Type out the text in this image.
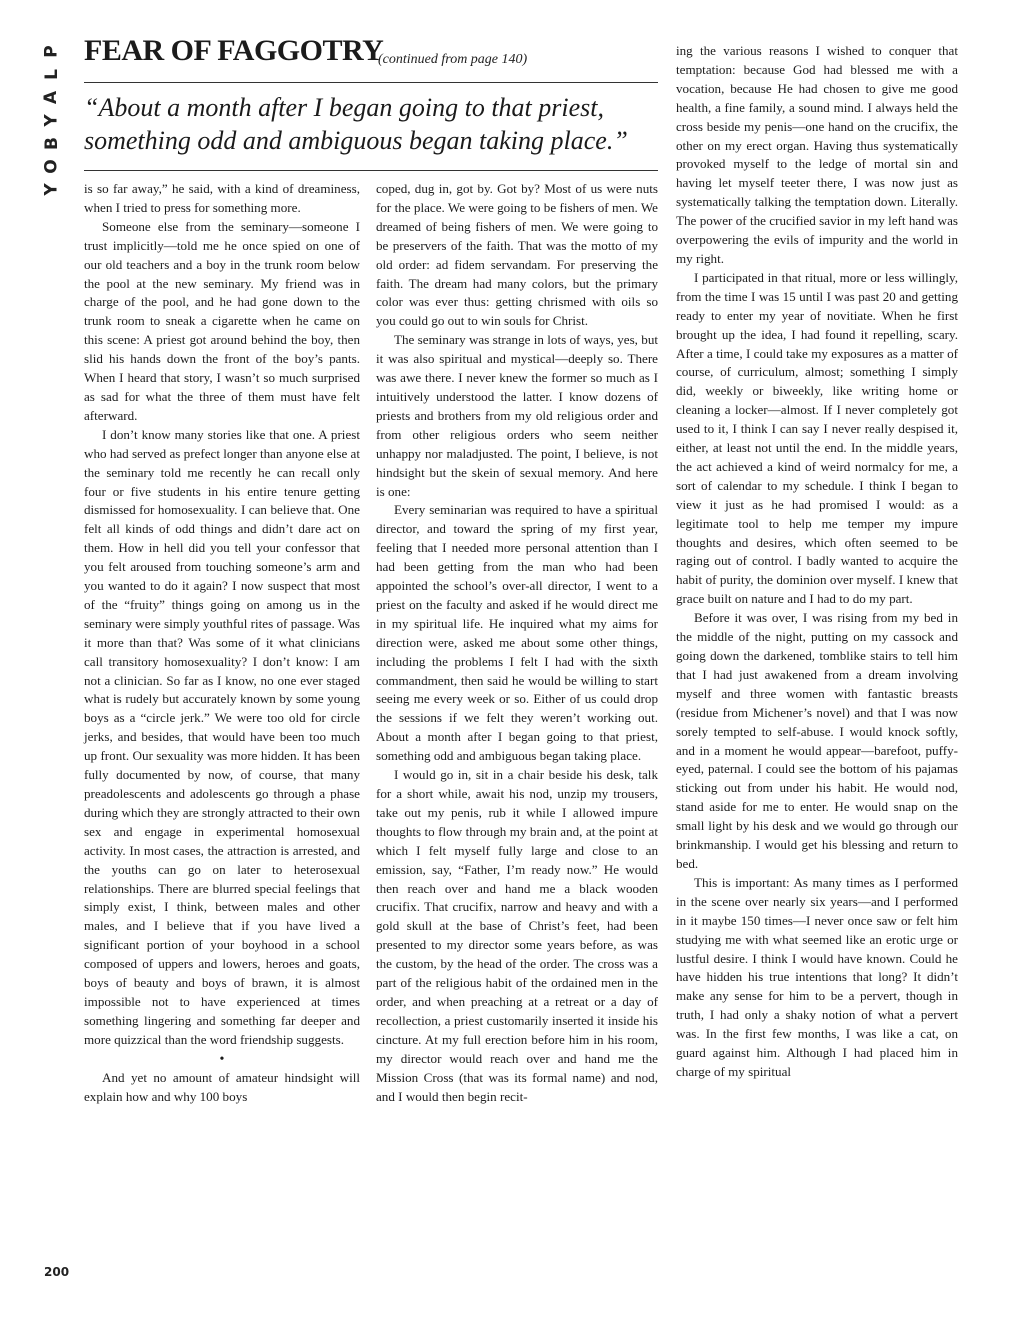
P
L
A
Y
B
O
Y
FEAR OF FAGGOTRY
(continued from page 140)
“About a month after I began going to that priest, something odd and ambiguous began taking place.”

is so far away,” he said, with a kind of dreaminess, when I tried to press for something more.

Someone else from the seminary—someone I trust implicitly—told me he once spied on one of our old teachers and a boy in the trunk room below the pool at the new seminary. My friend was in charge of the pool, and he had gone down to the trunk room to sneak a cigarette when he came on this scene: A priest got around behind the boy, then slid his hands down the front of the boy’s pants. When I heard that story, I wasn’t so much surprised as sad for what the three of them must have felt afterward.

I don’t know many stories like that one. A priest who had served as prefect longer than anyone else at the seminary told me recently he can recall only four or five students in his entire tenure getting dismissed for homosexuality. I can believe that. One felt all kinds of odd things and didn’t dare act on them. How in hell did you tell your confessor that you felt aroused from touching someone’s arm and you wanted to do it again? I now suspect that most of the “fruity” things going on among us in the seminary were simply youthful rites of passage. Was it more than that? Was some of it what clinicians call transitory homosexuality? I don’t know: I am not a clinician. So far as I know, no one ever staged what is rudely but accurately known by some young boys as a “circle jerk.” We were too old for circle jerks, and besides, that would have been too much up front. Our sexuality was more hidden. It has been fully documented by now, of course, that many preadolescents and adolescents go through a phase during which they are strongly attracted to their own sex and engage in experimental homosexual activity. In most cases, the attraction is arrested, and the youths can go on later to heterosexual relationships. There are blurred special feelings that simply exist, I think, between males and other males, and I believe that if you have lived a significant portion of your boyhood in a school composed of uppers and lowers, heroes and goats, boys of beauty and boys of brawn, it is almost impossible not to have experienced at times something lingering and something far deeper and more quizzical than the word friendship suggests.

•

And yet no amount of amateur hindsight will explain how and why 100 boys

coped, dug in, got by. Got by? Most of us were nuts for the place. We were going to be fishers of men. We dreamed of being fishers of men. We were going to be preservers of the faith. That was the motto of my old order: ad fidem servandam. For preserving the faith. The dream had many colors, but the primary color was ever thus: getting chrismed with oils so you could go out to win souls for Christ.

The seminary was strange in lots of ways, yes, but it was also spiritual and mystical—deeply so. There was awe there. I never knew the former so much as I intuitively understood the latter. I know dozens of priests and brothers from my old religious order and from other religious orders who seem neither unhappy nor maladjusted. The point, I believe, is not hindsight but the skein of sexual memory. And here is one:

Every seminarian was required to have a spiritual director, and toward the spring of my first year, feeling that I needed more personal attention than I had been getting from the man who had been appointed the school’s over-all director, I went to a priest on the faculty and asked if he would direct me in my spiritual life. He inquired what my aims for direction were, asked me about some other things, including the problems I felt I had with the sixth commandment, then said he would be willing to start seeing me every week or so. Either of us could drop the sessions if we felt they weren’t working out. About a month after I began going to that priest, something odd and ambiguous began taking place.

I would go in, sit in a chair beside his desk, talk for a short while, await his nod, unzip my trousers, take out my penis, rub it while I allowed impure thoughts to flow through my brain and, at the point at which I felt myself fully large and close to an emission, say, “Father, I’m ready now.” He would then reach over and hand me a black wooden crucifix. That crucifix, narrow and heavy and with a gold skull at the base of Christ’s feet, had been presented to my director some years before, as was the custom, by the head of the order. The cross was a part of the religious habit of the ordained men in the order, and when preaching at a retreat or a day of recollection, a priest customarily inserted it inside his cincture. At my full erection before him in his room, my director would reach over and hand me the Mission Cross (that was its formal name) and nod, and I would then begin recit-

ing the various reasons I wished to conquer that temptation: because God had blessed me with a vocation, because He had chosen to give me good health, a fine family, a sound mind. I always held the cross beside my penis—one hand on the crucifix, the other on my erect organ. Having thus systematically provoked myself to the ledge of mortal sin and having let myself teeter there, I was now just as systematically talking the temptation down. Literally. The power of the crucified savior in my left hand was overpowering the evils of impurity and the world in my right.

I participated in that ritual, more or less willingly, from the time I was 15 until I was past 20 and getting ready to enter my year of novitiate. When he first brought up the idea, I had found it repelling, scary. After a time, I could take my exposures as a matter of course, of curriculum, almost; something I simply did, weekly or biweekly, like writing home or cleaning a locker—almost. If I never completely got used to it, I think I can say I never really despised it, either, at least not until the end. In the middle years, the act achieved a kind of weird normalcy for me, a sort of calendar to my schedule. I think I began to view it just as he had promised I would: as a legitimate tool to help me temper my impure thoughts and desires, which often seemed to be raging out of control. I badly wanted to acquire the habit of purity, the dominion over myself. I knew that grace built on nature and I had to do my part.

Before it was over, I was rising from my bed in the middle of the night, putting on my cassock and going down the darkened, tomblike stairs to tell him that I had just awakened from a dream involving myself and three women with fantastic breasts (residue from Michener’s novel) and that I was now sorely tempted to self-abuse. I would knock softly, and in a moment he would appear—barefoot, puffy-eyed, paternal. I could see the bottom of his pajamas sticking out from under his habit. He would nod, stand aside for me to enter. He would snap on the small light by his desk and we would go through our brinkmanship. I would get his blessing and return to bed.

This is important: As many times as I performed in the scene over nearly six years—and I performed in it maybe 150 times—I never once saw or felt him studying me with what seemed like an erotic urge or lustful desire. I think I would have known. Could he have hidden his true intentions that long? It didn’t make any sense for him to be a pervert, though in truth, I had only a shaky notion of what a pervert was. In the first few months, I was like a cat, on guard against him. Although I had placed him in charge of my spiritual

200
